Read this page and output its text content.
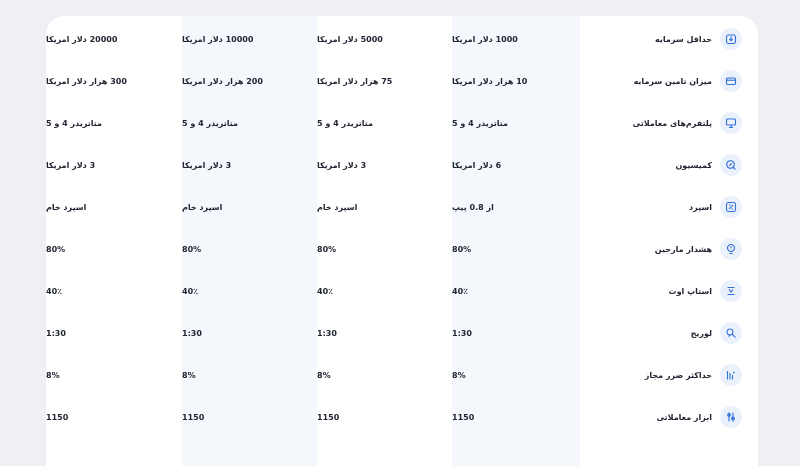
20000 دلار امریکا	10000 دلار امریکا	5000 دلار امریکا	1000 دلار امریکا	حداقل سرمایه
300 هزار دلار امریکا	200 هزار دلار امریکا	75 هزار دلار امریکا	10 هزار دلار امریکا	میزان تامین سرمایه
متاتریدر 4 و 5	متاتریدر 4 و 5	متاتریدر 4 و 5	متاتریدر 4 و 5	پلتفرم‌های معاملاتی
3 دلار امریکا	3 دلار امریکا	3 دلار امریکا	6 دلار امریکا	کمیسیون
اسپرد خام	اسپرد خام	اسپرد خام	از 0.8 پیپ	اسپرد
80%	80%	80%	80%	هشدار مارجین
40٪	40٪	40٪	40٪	استاپ اوت
1:30	1:30	1:30	1:30	لوریج
8%	8%	8%	8%	حداکثر ضرر مجاز
1150	1150	1150	1150	ابزار معاملاتی
